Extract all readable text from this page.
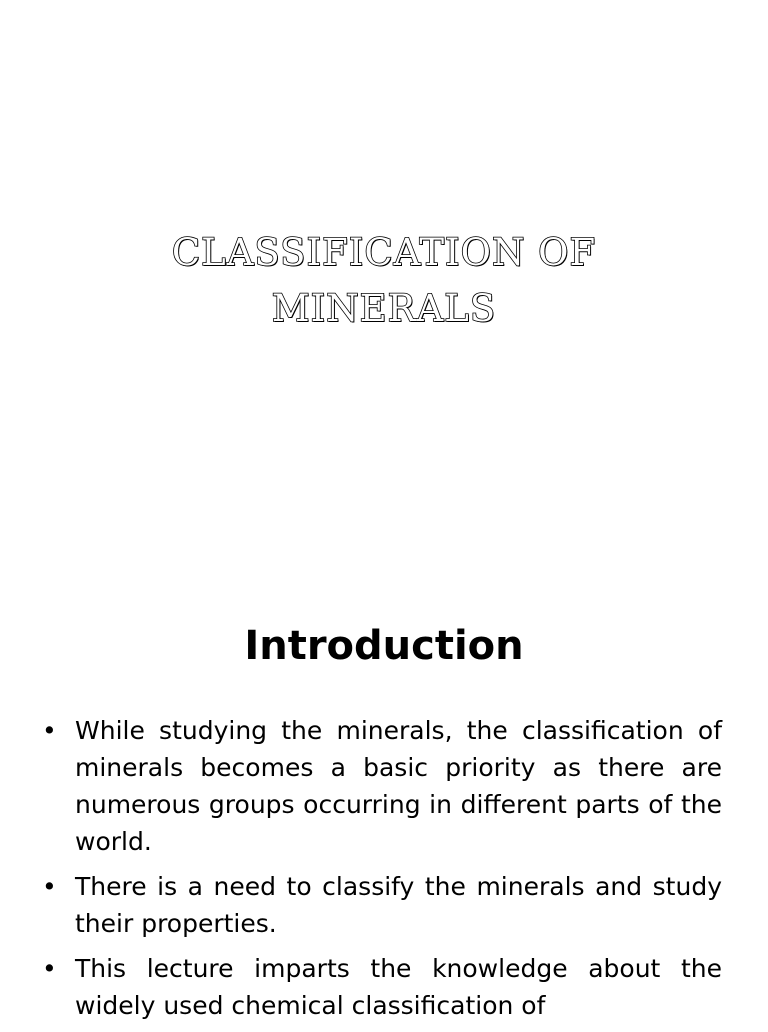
CLASSIFICATION OF
MINERALS
Introduction
• While studying the minerals, the classification of minerals becomes a basic priority as there are numerous groups occurring in different parts of the world.
• There is a need to classify the minerals and study their properties.
• This lecture imparts the knowledge about the widely used chemical classification of
